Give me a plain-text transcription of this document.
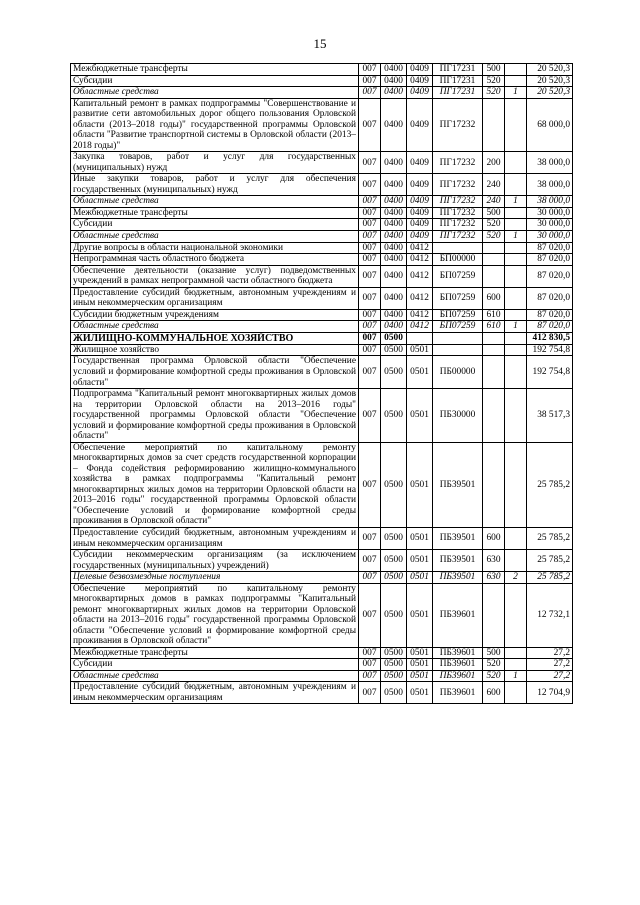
15
Межбюджетные трансферты	007	0400	0409	ПГ17231	500		20 520,3
Субсидии	007	0400	0409	ПГ17231	520		20 520,3
Областные средства	007	0400	0409	ПГ17231	520	1	20 520,3
Капитальный ремонт в рамках подпрограммы "Совершенствование и развитие сети автомобильных дорог общего пользования Орловской области (2013–2018 годы)" государственной программы Орловской области "Развитие транспортной системы в Орловской области (2013–2018 годы)"	007	0400	0409	ПГ17232			68 000,0
Закупка товаров, работ и услуг для государственных (муниципальных) нужд	007	0400	0409	ПГ17232	200		38 000,0
Иные закупки товаров, работ и услуг для обеспечения государственных (муниципальных) нужд	007	0400	0409	ПГ17232	240		38 000,0
Областные средства	007	0400	0409	ПГ17232	240	1	38 000,0
Межбюджетные трансферты	007	0400	0409	ПГ17232	500		30 000,0
Субсидии	007	0400	0409	ПГ17232	520		30 000,0
Областные средства	007	0400	0409	ПГ17232	520	1	30 000,0
Другие вопросы в области национальной экономики	007	0400	0412				87 020,0
Непрограммная часть областного бюджета	007	0400	0412	БП00000			87 020,0
Обеспечение деятельности (оказание услуг) подведомственных учреждений в рамках непрограммной части областного бюджета	007	0400	0412	БП07259			87 020,0
Предоставление субсидий бюджетным, автономным учреждениям и иным некоммерческим организациям	007	0400	0412	БП07259	600		87 020,0
Субсидии бюджетным учреждениям	007	0400	0412	БП07259	610		87 020,0
Областные средства	007	0400	0412	БП07259	610	1	87 020,0
ЖИЛИЩНО-КОММУНАЛЬНОЕ ХОЗЯЙСТВО	007	0500					412 830,5
Жилищное хозяйство	007	0500	0501				192 754,8
Государственная программа Орловской области "Обеспечение условий и формирование комфортной среды проживания в Орловской области"	007	0500	0501	ПБ00000			192 754,8
Подпрограмма "Капитальный ремонт многоквартирных жилых домов на территории Орловской области на 2013–2016 годы" государственной программы Орловской области "Обеспечение условий и формирование комфортной среды проживания в Орловской области"	007	0500	0501	ПБ30000			38 517,3
Обеспечение мероприятий по капитальному ремонту многоквартирных домов за счет средств государственной корпорации – Фонда содействия реформированию жилищно-коммунального хозяйства в рамках подпрограммы "Капитальный ремонт многоквартирных жилых домов на территории Орловской области на 2013–2016 годы" государственной программы Орловской области "Обеспечение условий и формирование комфортной среды проживания в Орловской области"	007	0500	0501	ПБ39501			25 785,2
Предоставление субсидий бюджетным, автономным учреждениям и иным некоммерческим организациям	007	0500	0501	ПБ39501	600		25 785,2
Субсидии некоммерческим организациям (за исключением государственных (муниципальных) учреждений)	007	0500	0501	ПБ39501	630		25 785,2
Целевые безвозмездные поступления	007	0500	0501	ПБ39501	630	2	25 785,2
Обеспечение мероприятий по капитальному ремонту многоквартирных домов в рамках подпрограммы "Капитальный ремонт многоквартирных жилых домов на территории Орловской области на 2013–2016 годы" государственной программы Орловской области "Обеспечение условий и формирование комфортной среды проживания в Орловской области"	007	0500	0501	ПБ39601			12 732,1
Межбюджетные трансферты	007	0500	0501	ПБ39601	500		27,2
Субсидии	007	0500	0501	ПБ39601	520		27,2
Областные средства	007	0500	0501	ПБ39601	520	1	27,2
Предоставление субсидий бюджетным, автономным учреждениям и иным некоммерческим организациям	007	0500	0501	ПБ39601	600		12 704,9
